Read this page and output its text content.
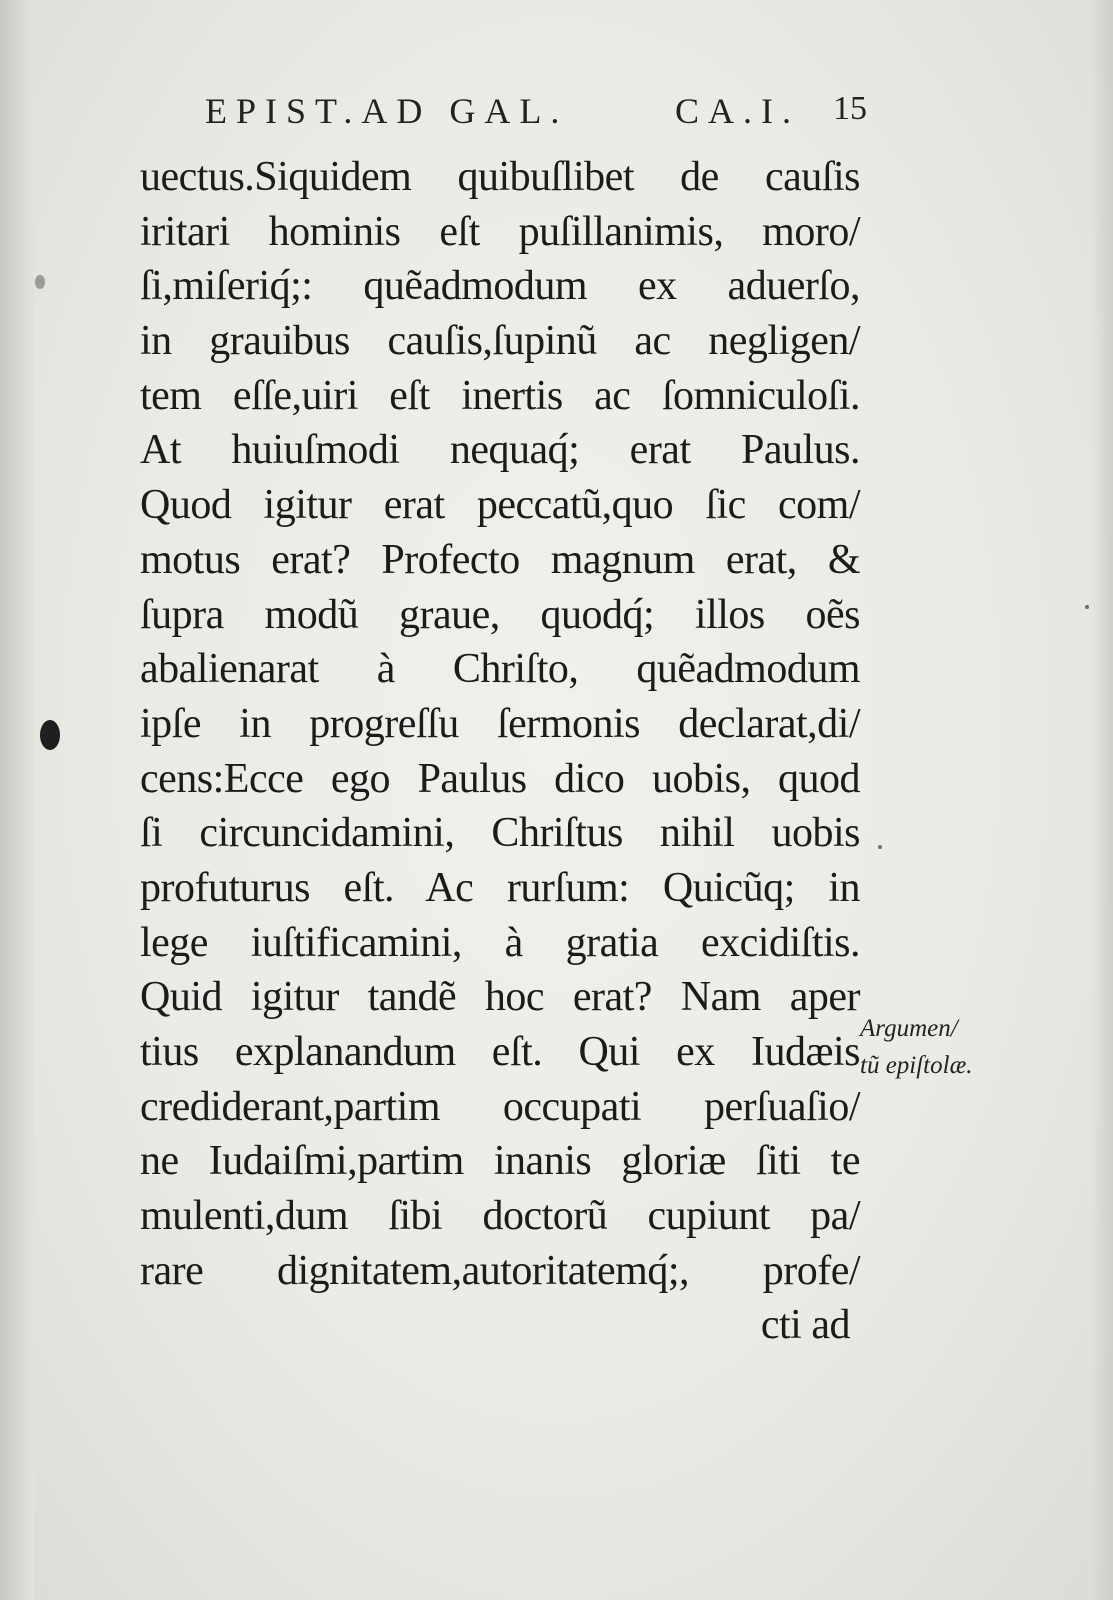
EPIST.AD GAL.	CA.I. 15
uectus.Siquidem quibuſlibet de cauſis
iritari hominis eſt puſillanimis, moro/
ſi,miſeriq́;: quẽadmodum ex aduerſo,
in grauibus cauſis,ſupinũ ac negligen/
tem eſſe,uiri eſt inertis ac ſomniculoſi.
At huiuſmodi nequaq́; erat Paulus.
Quod igitur erat peccatũ,quo ſic com/
motus erat? Profecto magnum erat, &
ſupra modũ graue, quodq́; illos oẽs
abalienarat à Chriſto, quẽadmodum
ipſe in progreſſu ſermonis declarat,di/
cens:Ecce ego Paulus dico uobis, quod
ſi circuncidamini, Chriſtus nihil uobis
profuturus eſt. Ac rurſum: Quicũq; in
lege iuſtificamini, à gratia excidiſtis.
Quid igitur tandẽ hoc erat? Nam aper
tius explanandum eſt. Qui ex Iudæis
crediderant,partim occupati perſuaſio/
ne Iudaiſmi,partim inanis gloriæ ſiti te
mulenti,dum ſibi doctorũ cupiunt pa/
rare dignitatem,autoritatemq́;, profe/
cti ad
Argumen/
tũ epiſtolæ.
